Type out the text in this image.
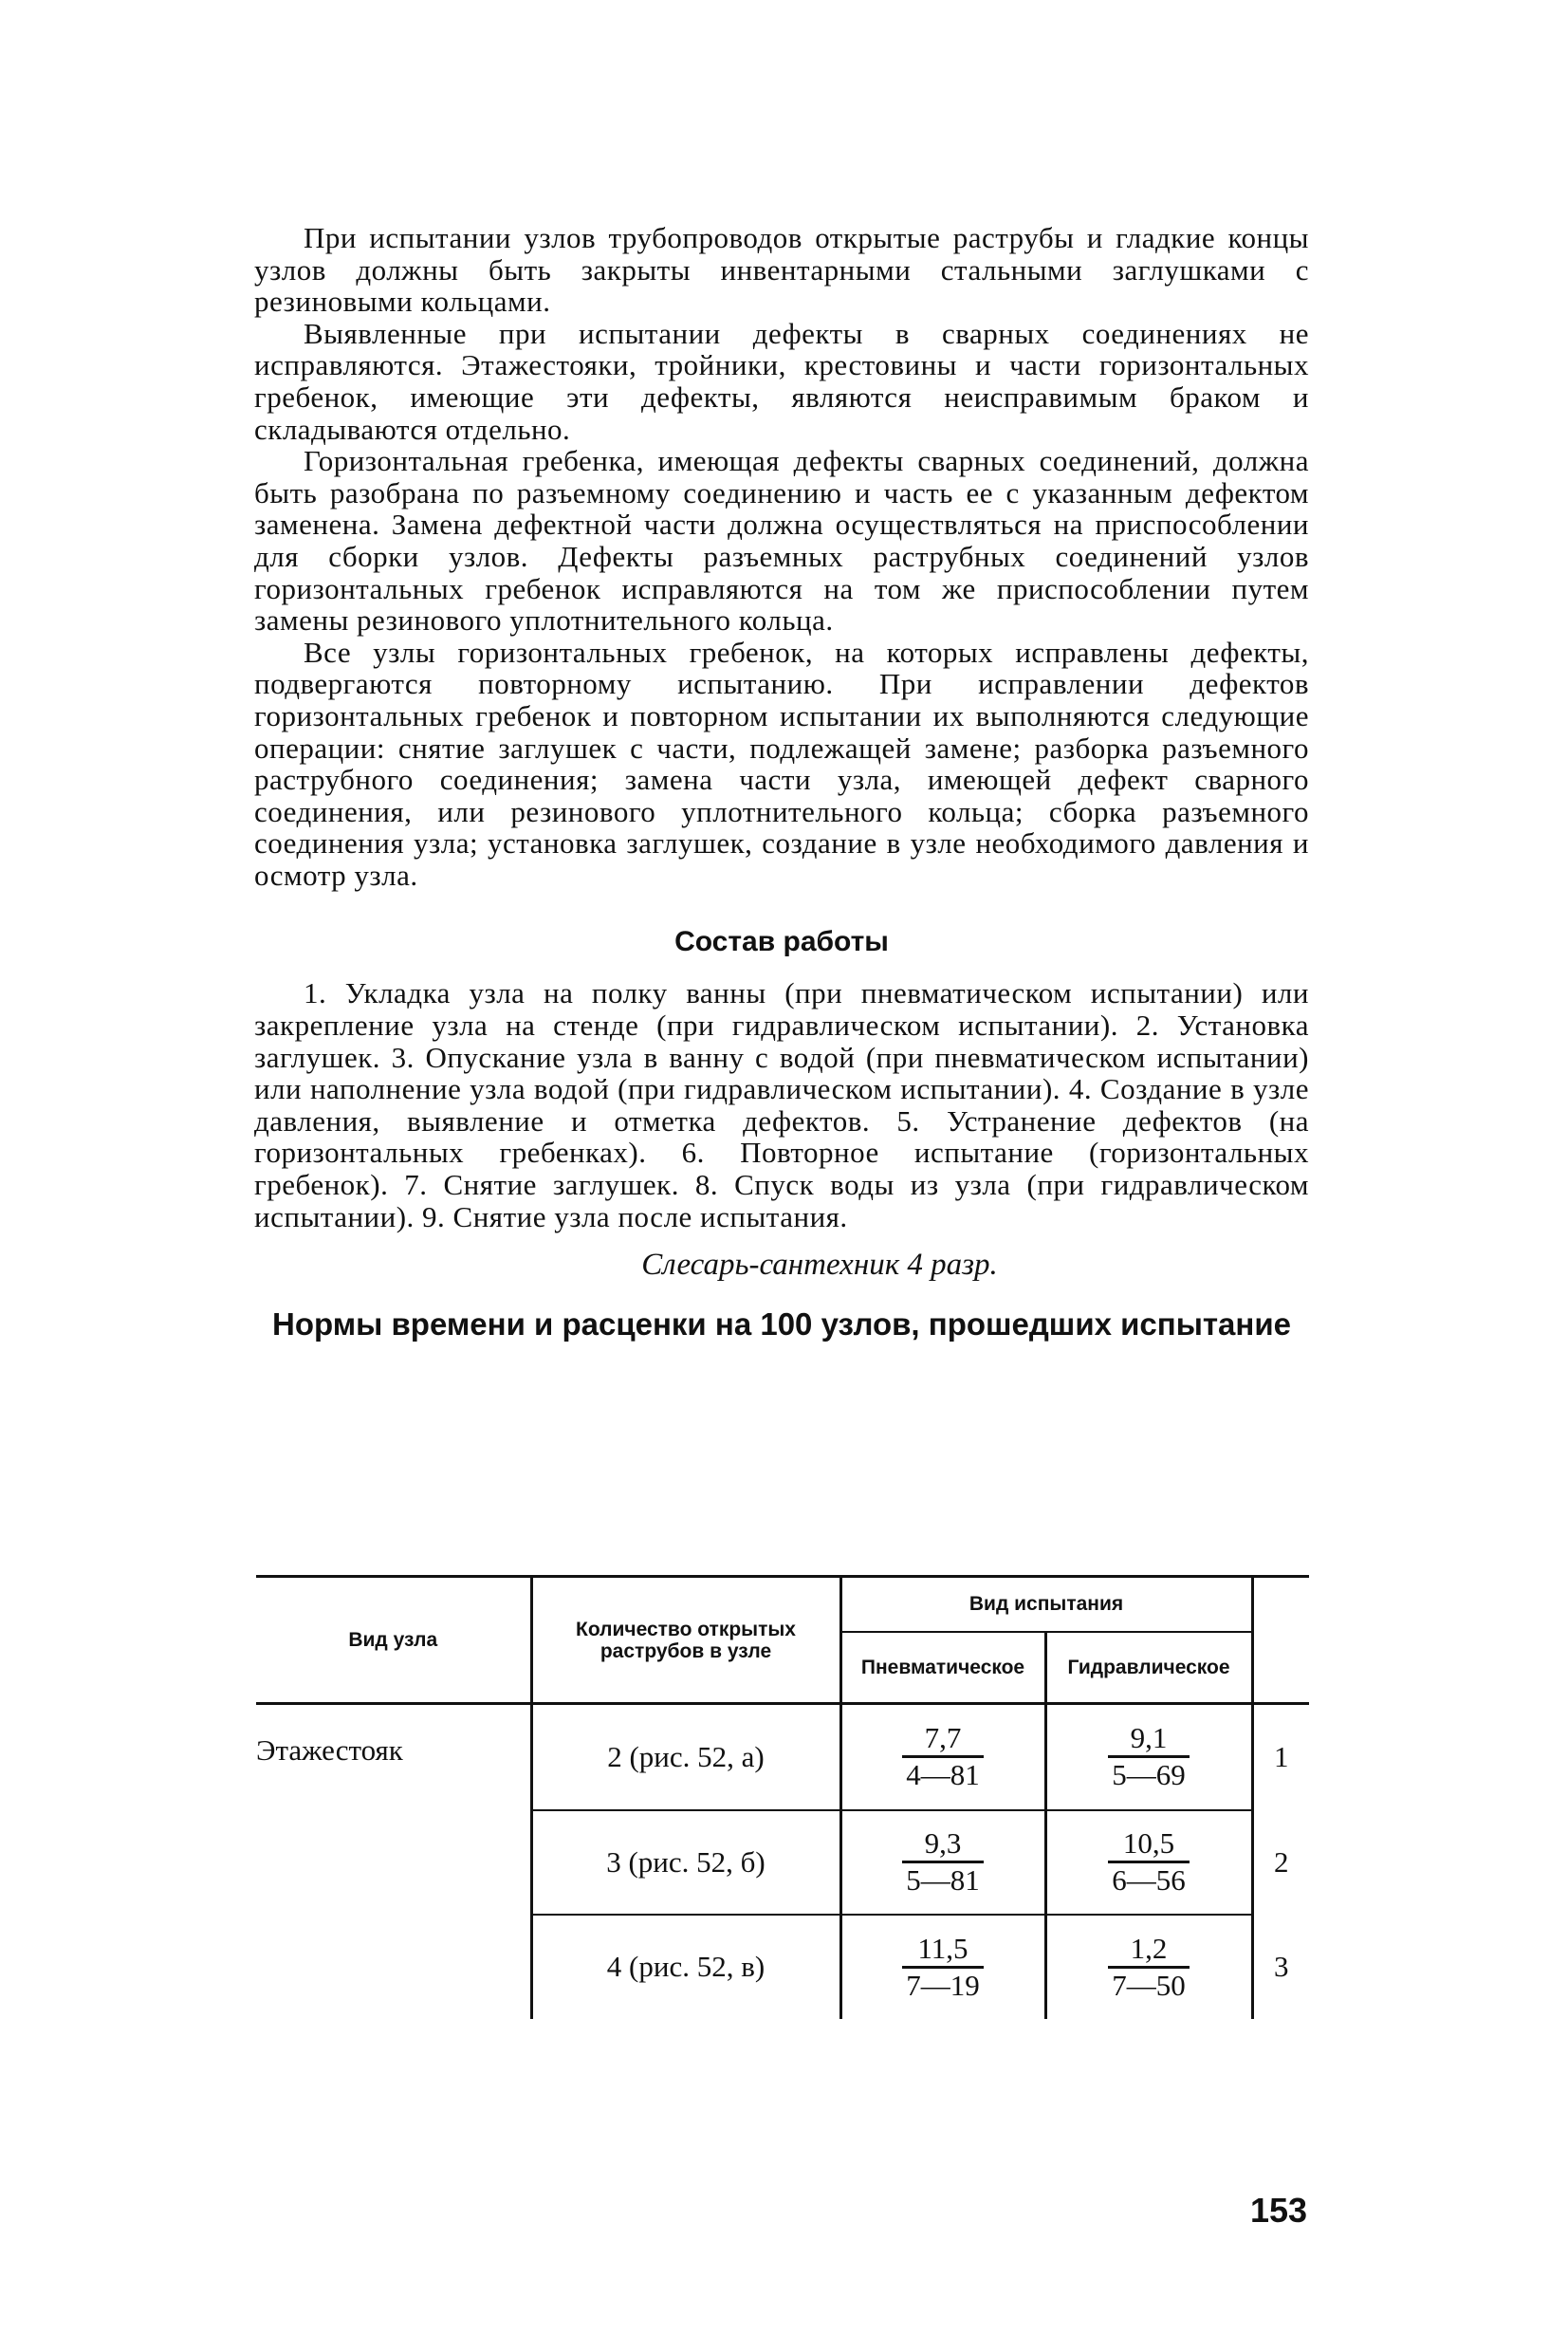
При испытании узлов трубопроводов открытые раструбы и гладкие концы узлов должны быть закрыты инвентарными стальными заглушками с резиновыми кольцами.

Выявленные при испытании дефекты в сварных соединениях не исправляются. Этажестояки, тройники, крестовины и части горизонтальных гребенок, имеющие эти дефекты, являются неисправимым браком и складываются отдельно.

Горизонтальная гребенка, имеющая дефекты сварных соединений, должна быть разобрана по разъемному соединению и часть ее с указанным дефектом заменена. Замена дефектной части должна осуществляться на приспособлении для сборки узлов. Дефекты разъемных раструбных соединений узлов горизонтальных гребенок исправляются на том же приспособлении путем замены резинового уплотнительного кольца.

Все узлы горизонтальных гребенок, на которых исправлены дефекты, подвергаются повторному испытанию. При исправлении дефектов горизонтальных гребенок и повторном испытании их выполняются следующие операции: снятие заглушек с части, подлежащей замене; разборка разъемного раструбного соединения; замена части узла, имеющей дефект сварного соединения, или резинового уплотнительного кольца; сборка разъемного соединения узла; установка заглушек, создание в узле необходимого давления и осмотр узла.

Состав работы

1. Укладка узла на полку ванны (при пневматическом испытании) или закрепление узла на стенде (при гидравлическом испытании). 2. Установка заглушек. 3. Опускание узла в ванну с водой (при пневматическом испытании) или наполнение узла водой (при гидравлическом испытании). 4. Создание в узле давления, выявление и отметка дефектов. 5. Устранение дефектов (на горизонтальных гребенках). 6. Повторное испытание (горизонтальных гребенок). 7. Снятие заглушек. 8. Спуск воды из узла (при гидравлическом испытании). 9. Снятие узла после испытания.

Слесарь-сантехник 4 разр.
Нормы времени и расценки на 100 узлов, прошедших испытание
Вид узла	Количество открытых раструбов в узле	Вид испытания		
		Пневматическое	Гидравлическое	
Этажестояк	2 (рис. 52, а)	$\frac{7,7}{4—81}$	$\frac{9,1}{5—69}$	1
	3 (рис. 52, б)	$\frac{9,3}{5—81}$	$\frac{10,5}{6—56}$	2
	4 (рис. 52, в)	$\frac{11,5}{7—19}$	$\frac{1,2}{7—50}$	3
153
